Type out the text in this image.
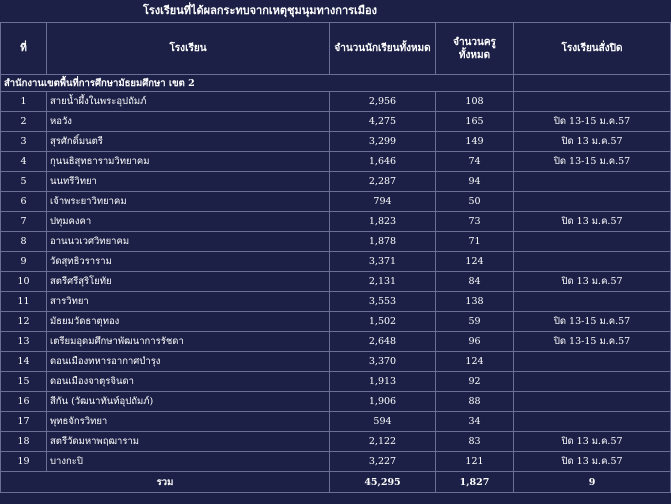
โรงเรียนที่ได้ผลกระทบจากเหตุชุมนุมทางการเมือง
ที่	โรงเรียน	จำนวนนักเรียนทั้งหมด	จำนวนครูทั้งหมด	โรงเรียนสั่งปิด
สำนักงานเขตพื้นที่การศึกษามัธยมศึกษา เขต 2				
1	สายน้ำผึ้งในพระอุปถัมภ์	2,956	108	
2	หอวัง	4,275	165	ปิด 13-15 ม.ค.57
3	สุรศักดิ์มนตรี	3,299	149	ปิด 13 ม.ค.57
4	กุนนธิสุทธารามวิทยาคม	1,646	74	ปิด 13-15 ม.ค.57
5	นนทรีวิทยา	2,287	94	
6	เจ้าพระยาวิทยาคม	794	50	
7	ปทุมคงคา	1,823	73	ปิด 13 ม.ค.57
8	อานนวเวศวิทยาคม	1,878	71	
9	วัดสุทธิวราราม	3,371	124	
10	สตรีศรีสุริโยทัย	2,131	84	ปิด 13 ม.ค.57
11	สารวิทยา	3,553	138	
12	มัธยมวัดธาตุทอง	1,502	59	ปิด 13-15 ม.ค.57
13	เตรียมอุดมศึกษาพัฒนาการรัชดา	2,648	96	ปิด 13-15 ม.ค.57
14	ดอนเมืองทหารอากาศบำรุง	3,370	124	
15	ดอนเมืองจาตุรจินดา	1,913	92	
16	สีกัน (วัฒนาทันท์อุปถัมภ์)	1,906	88	
17	พุทธจักรวิทยา	594	34	
18	สตรีวัดมหาพฤฒาราม	2,122	83	ปิด 13 ม.ค.57
19	บางกะปิ	3,227	121	ปิด 13 ม.ค.57
รวม		45,295	1,827	9
